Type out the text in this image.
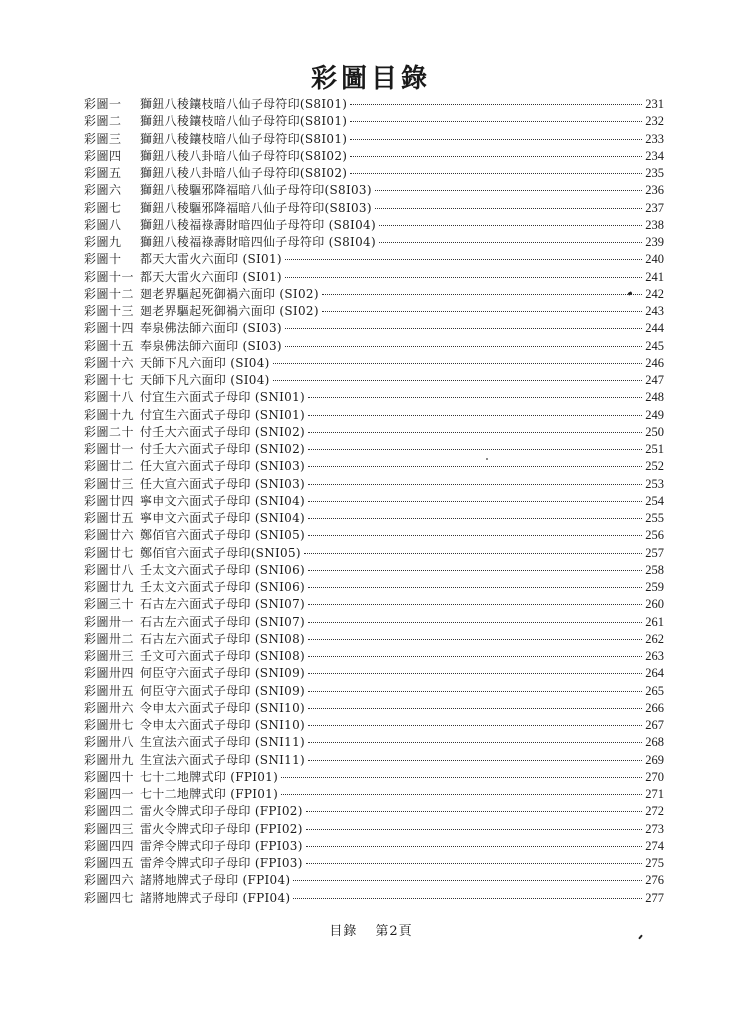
彩圖目錄
彩圖一	獅鈕八稜鑲枝暗八仙子母符印(S8I01)	231
彩圖二	獅鈕八稜鑲枝暗八仙子母符印(S8I01)	232
彩圖三	獅鈕八稜鑲枝暗八仙子母符印(S8I01)	233
彩圖四	獅鈕八稜八卦暗八仙子母符印(S8I02)	234
彩圖五	獅鈕八稜八卦暗八仙子母符印(S8I02)	235
彩圖六	獅鈕八稜驅邪降福暗八仙子母符印(S8I03)	236
彩圖七	獅鈕八稜驅邪降福暗八仙子母符印(S8I03)	237
彩圖八	獅鈕八稜福祿壽財暗四仙子母符印 (S8I04)	238
彩圖九	獅鈕八稜福祿壽財暗四仙子母符印 (S8I04)	239
彩圖十	都天大雷火六面印 (SI01)	240
彩圖十一 都天大雷火六面印 (SI01)	241
彩圖十二 廻老界驅起死御禍六面印 (SI02)	242
彩圖十三 廻老界驅起死御禍六面印 (SI02)	243
彩圖十四 奉泉佛法師六面印 (SI03)	244
彩圖十五 奉泉佛法師六面印 (SI03)	245
彩圖十六 天師下凡六面印 (SI04)	246
彩圖十七 天師下凡六面印 (SI04)	247
彩圖十八 付宜生六面式子母印 (SNI01)	248
彩圖十九 付宜生六面式子母印 (SNI01)	249
彩圖二十 付壬大六面式子母印 (SNI02)	250
彩圖廿一 付壬大六面式子母印 (SNI02)	251
彩圖廿二 任大宣六面式子母印 (SNI03)	252
彩圖廿三 任大宣六面式子母印 (SNI03)	253
彩圖廿四 寧申文六面式子母印 (SNI04)	254
彩圖廿五 寧申文六面式子母印 (SNI04)	255
彩圖廿六 鄭佰官六面式子母印 (SNI05)	256
彩圖廿七 鄭佰官六面式子母印(SNI05)	257
彩圖廿八 壬太文六面式子母印 (SNI06)	258
彩圖廿九 壬太文六面式子母印 (SNI06)	259
彩圖三十 石古左六面式子母印 (SNI07)	260
彩圖卅一 石古左六面式子母印 (SNI07)	261
彩圖卅二 石古左六面式子母印 (SNI08)	262
彩圖卅三 壬文可六面式子母印 (SNI08)	263
彩圖卅四 何臣守六面式子母印 (SNI09)	264
彩圖卅五 何臣守六面式子母印 (SNI09)	265
彩圖卅六 令申太六面式子母印 (SNI10)	266
彩圖卅七 令申太六面式子母印 (SNI10)	267
彩圖卅八 生宣法六面式子母印 (SNI11)	268
彩圖卅九 生宣法六面式子母印 (SNI11)	269
彩圖四十 七十二地牌式印 (FPI01)	270
彩圖四一 七十二地牌式印 (FPI01)	271
彩圖四二 雷火令牌式印子母印 (FPI02)	272
彩圖四三 雷火令牌式印子母印 (FPI02)	273
彩圖四四 雷斧令牌式印子母印 (FPI03)	274
彩圖四五 雷斧令牌式印子母印 (FPI03)	275
彩圖四六 諸將地牌式子母印 (FPI04)	276
彩圖四七 諸將地牌式子母印 (FPI04)	277
目錄 第2頁
